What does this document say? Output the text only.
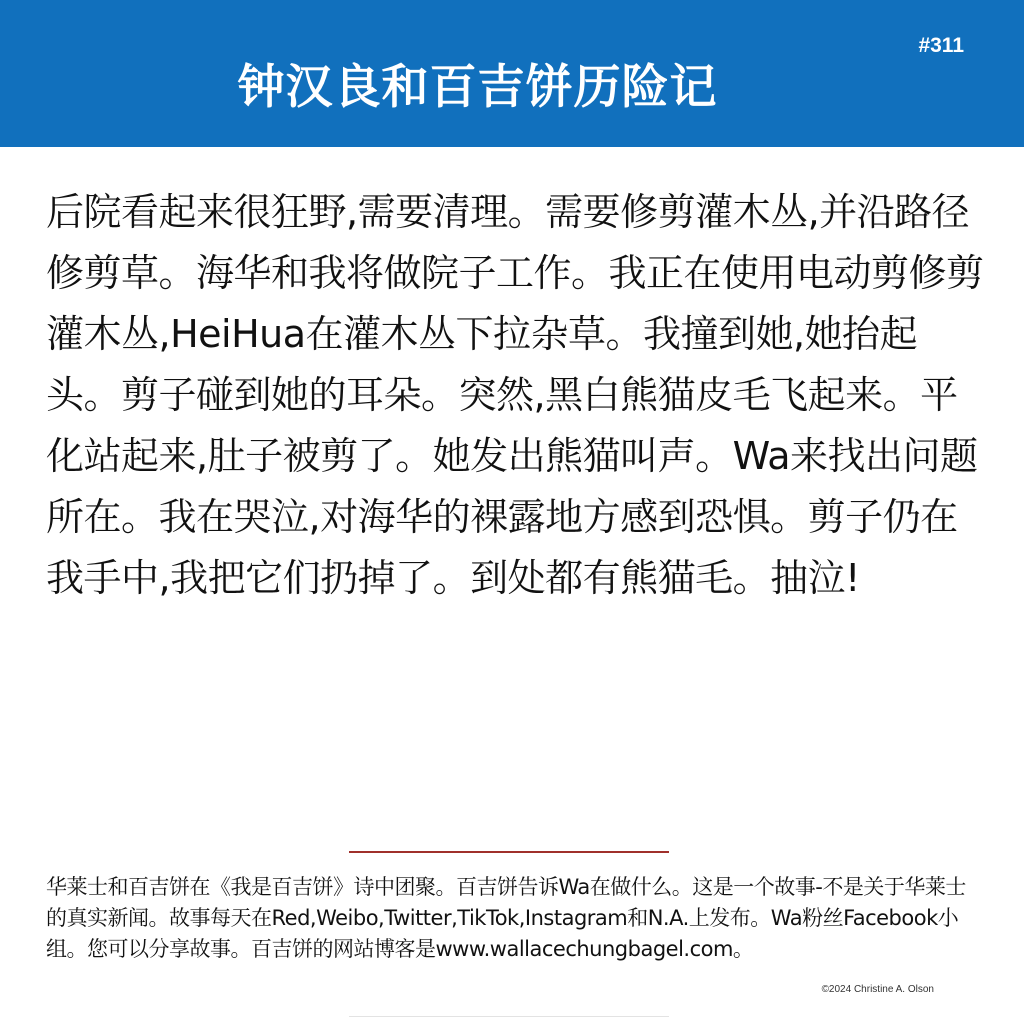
#311
钟汉良和百吉饼历险记

后院看起来很狂野,需要清理。需要修剪灌木丛,并沿路径修剪草。海华和我将做院子工作。我正在使用电动剪修剪灌木丛,HeiHua在灌木丛下拉杂草。我撞到她,她抬起头。剪子碰到她的耳朵。突然,黑白熊猫皮毛飞起来。平化站起来,肚子被剪了。她发出熊猫叫声。Wa来找出问题所在。我在哭泣,对海华的裸露地方感到恐惧。剪子仍在我手中,我把它们扔掉了。到处都有熊猫毛。抽泣!

华莱士和百吉饼在《我是百吉饼》诗中团聚。百吉饼告诉Wa在做什么。这是一个故事-不是关于华莱士的真实新闻。故事每天在Red,Weibo,Twitter,TikTok,Instagram和N.A.上发布。Wa粉丝Facebook小组。您可以分享故事。百吉饼的网站博客是www.wallacechungbagel.com。

©2024 Christine A. Olson
